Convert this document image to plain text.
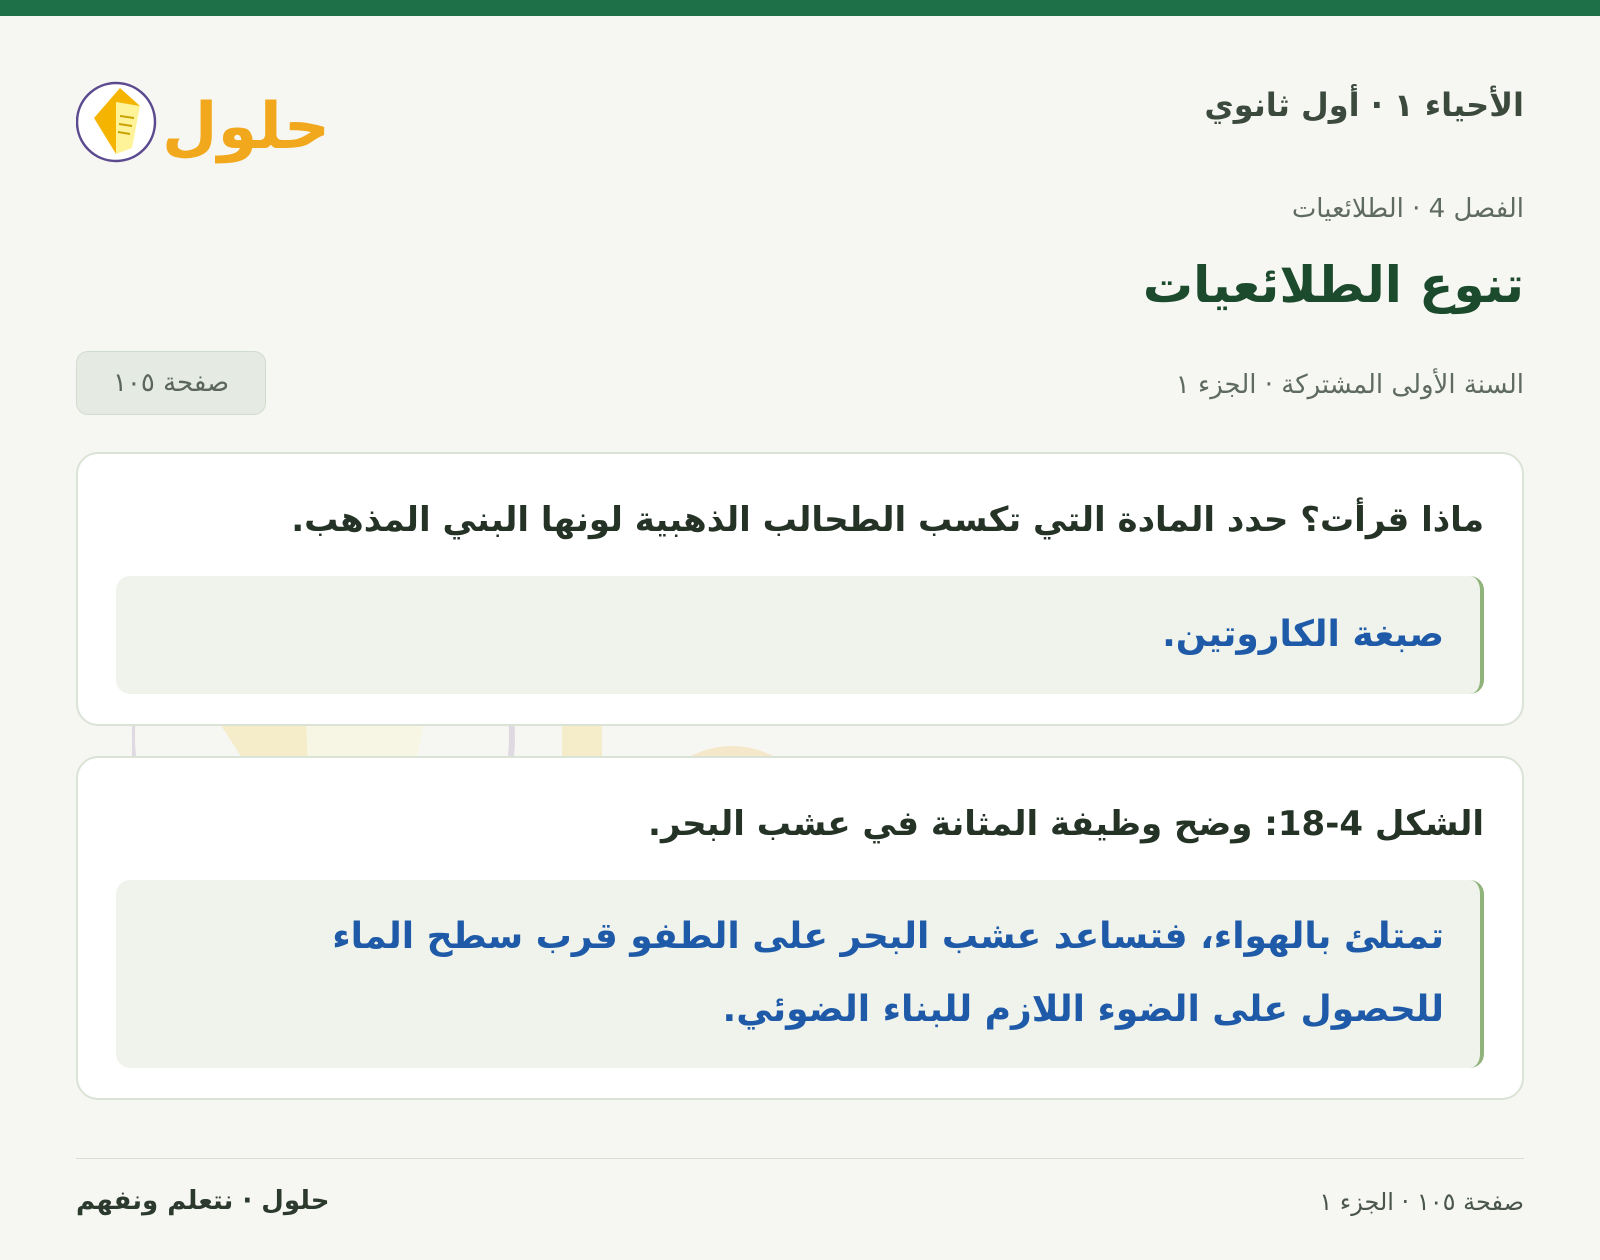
الأحياء ١ · أول ثانوي
حلول
الفصل 4 · الطلائعيات
تنوع الطلائعيات
السنة الأولى المشتركة · الجزء ١
صفحة ١٠٥
ماذا قرأت؟ حدد المادة التي تكسب الطحالب الذهبية لونها البني المذهب.
صبغة الكاروتين.
الشكل 4-18: وضح وظيفة المثانة في عشب البحر.
تمتلئ بالهواء، فتساعد عشب البحر على الطفو قرب سطح الماء
للحصول على الضوء اللازم للبناء الضوئي.
صفحة ١٠٥ · الجزء ١
حلول · نتعلم ونفهم
